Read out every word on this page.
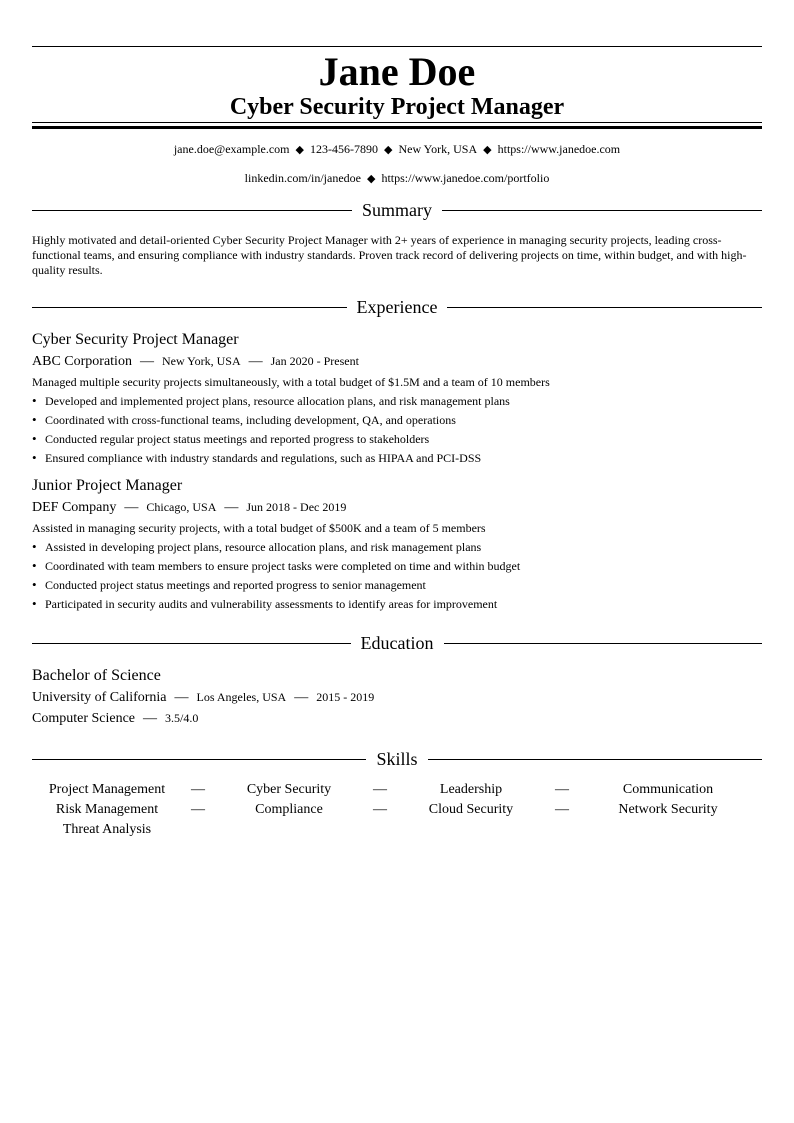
Jane Doe
Cyber Security Project Manager
jane.doe@example.com ◆ 123-456-7890 ◆ New York, USA ◆ https://www.janedoe.com
linkedin.com/in/janedoe ◆ https://www.janedoe.com/portfolio
Summary
Highly motivated and detail-oriented Cyber Security Project Manager with 2+ years of experience in managing security projects, leading cross-functional teams, and ensuring compliance with industry standards. Proven track record of delivering projects on time, within budget, and with high-quality results.
Experience
Cyber Security Project Manager
ABC Corporation — New York, USA — Jan 2020 - Present
Managed multiple security projects simultaneously, with a total budget of $1.5M and a team of 10 members
• Developed and implemented project plans, resource allocation plans, and risk management plans
• Coordinated with cross-functional teams, including development, QA, and operations
• Conducted regular project status meetings and reported progress to stakeholders
• Ensured compliance with industry standards and regulations, such as HIPAA and PCI-DSS
Junior Project Manager
DEF Company — Chicago, USA — Jun 2018 - Dec 2019
Assisted in managing security projects, with a total budget of $500K and a team of 5 members
• Assisted in developing project plans, resource allocation plans, and risk management plans
• Coordinated with team members to ensure project tasks were completed on time and within budget
• Conducted project status meetings and reported progress to senior management
• Participated in security audits and vulnerability assessments to identify areas for improvement
Education
Bachelor of Science
University of California — Los Angeles, USA — 2015 - 2019
Computer Science — 3.5/4.0
Skills
Project Management	—	Cyber Security	—	Leadership	—	Communication
Risk Management	—	Compliance	—	Cloud Security	—	Network Security
Threat Analysis
